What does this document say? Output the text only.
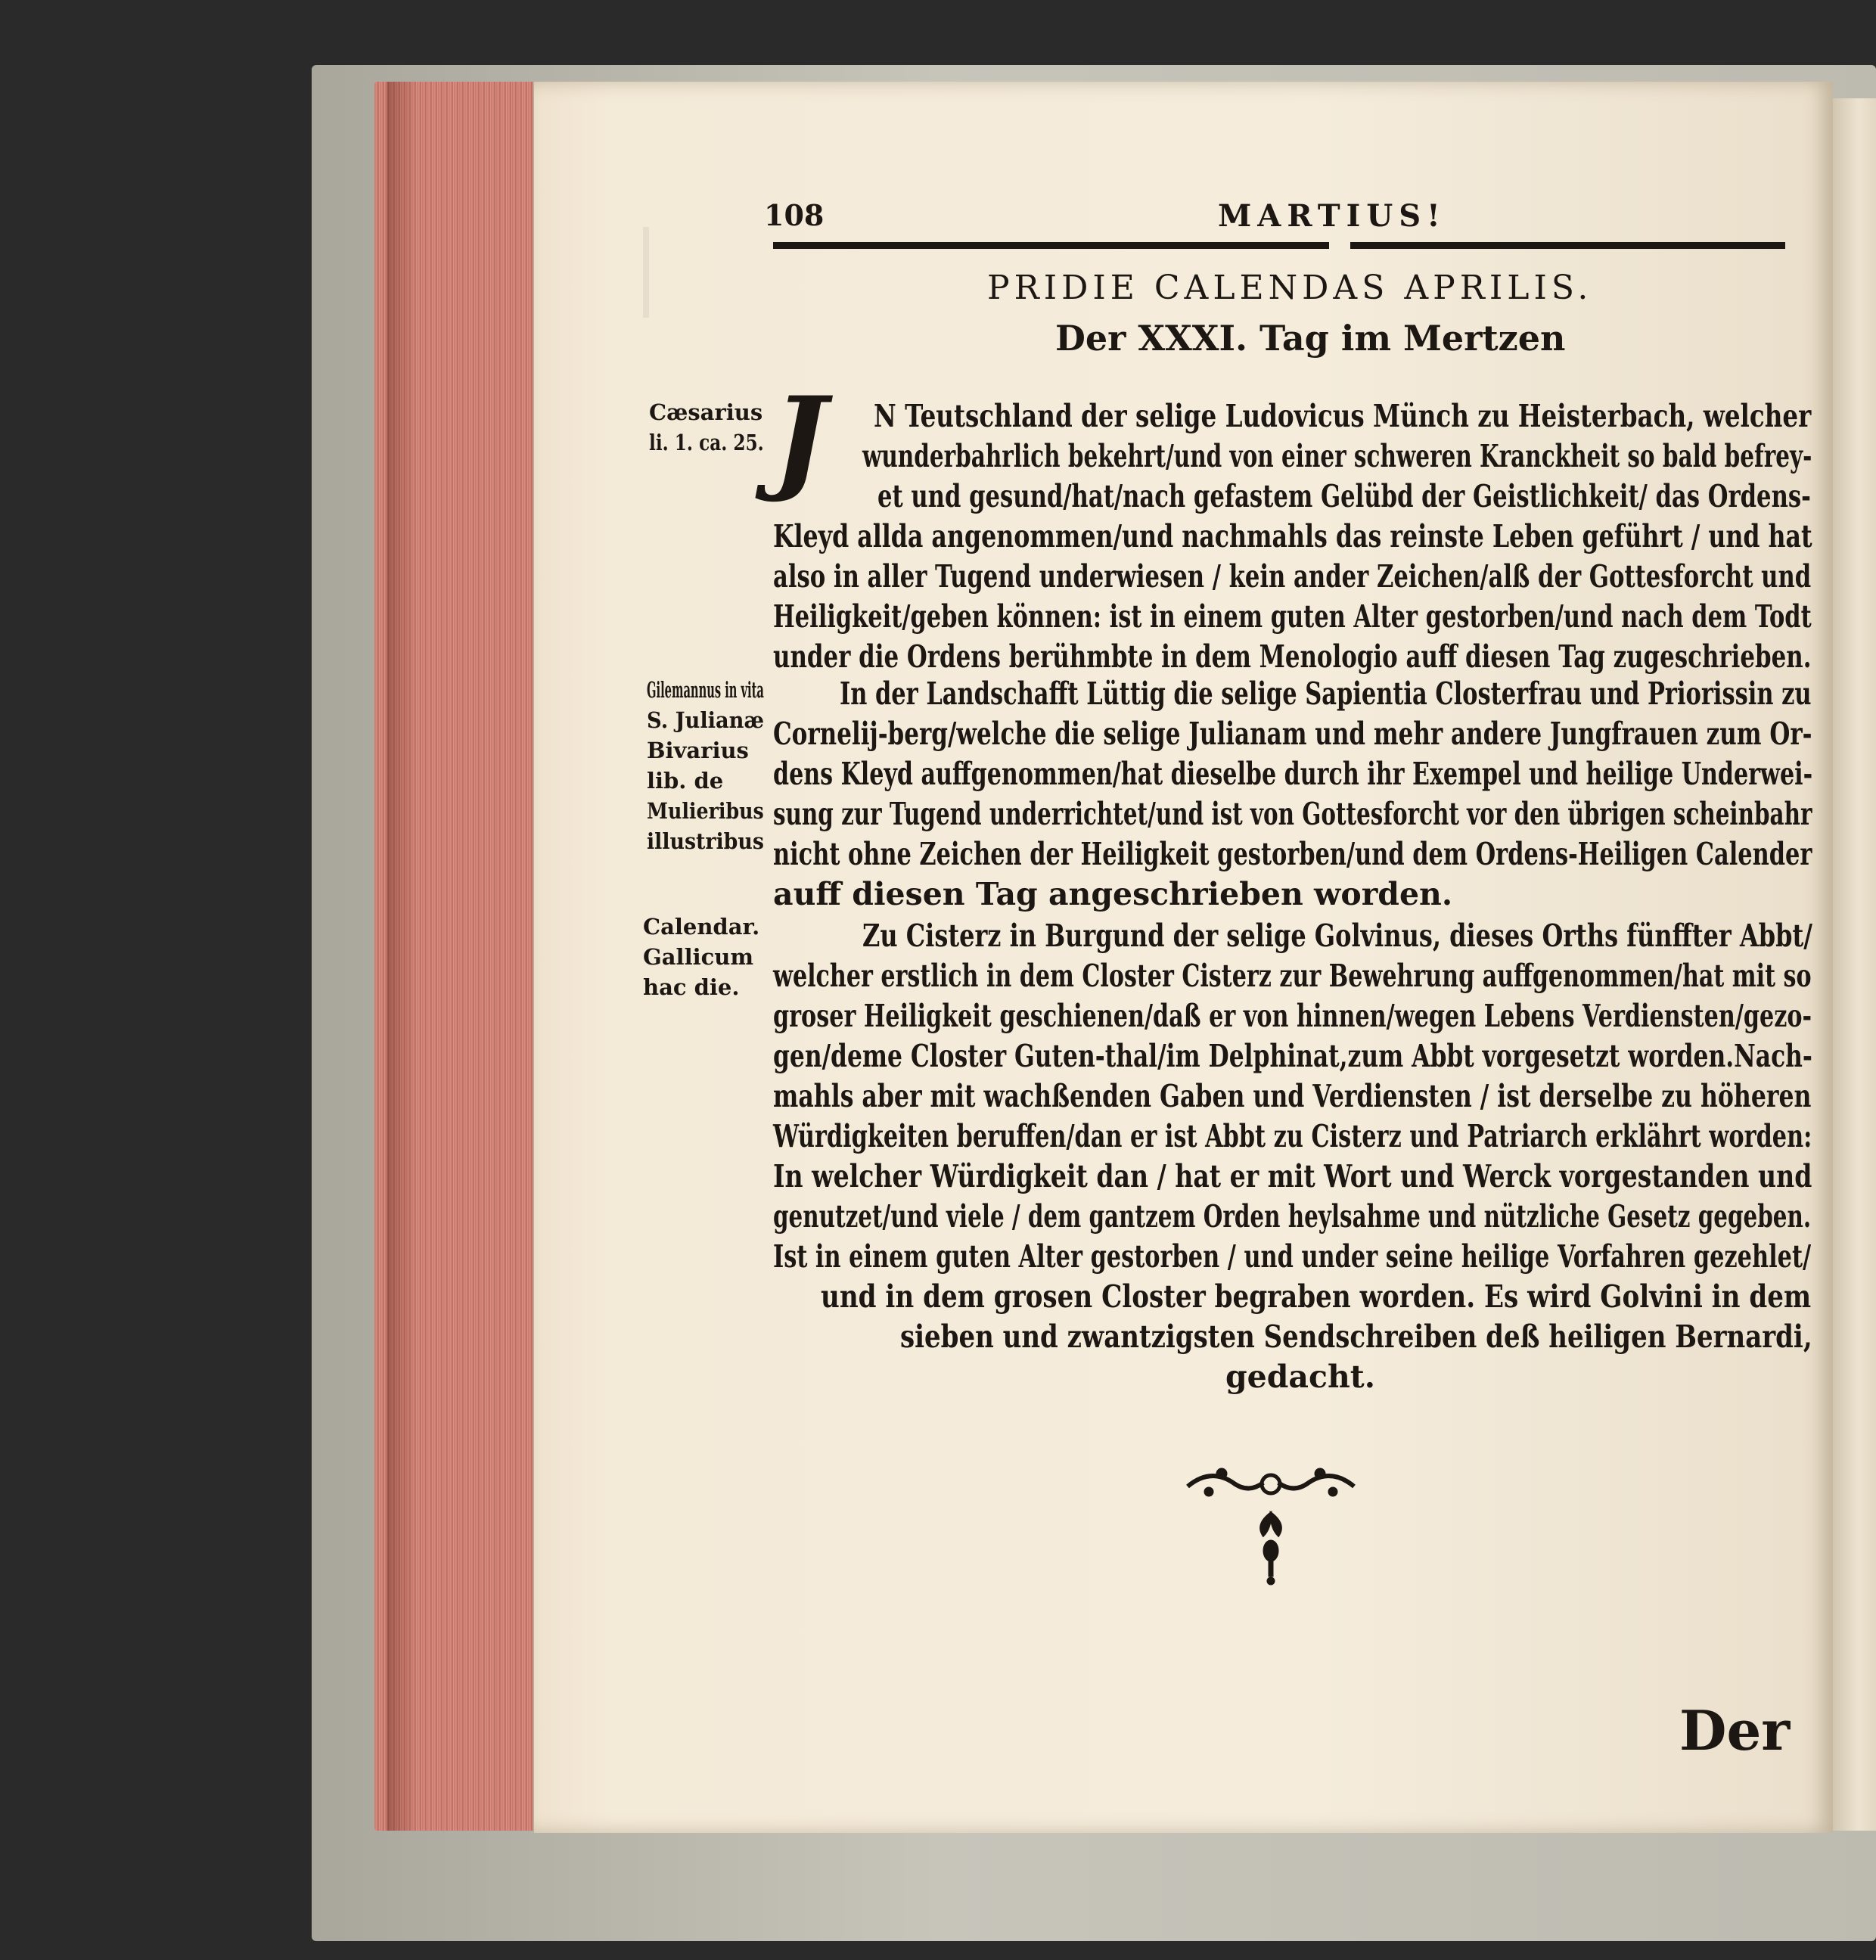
108	MARTIUS!
PRIDIE CALENDAS APRILIS.
Der XXXI. Tag im Mertzen
J	N Teutschland der selige Ludovicus Münch zu Heisterbach, welcher
wunderbahrlich bekehrt/und von einer schweren Kranckheit so bald befrey-
et und gesund/hat/nach gefastem Gelübd der Geistlichkeit/ das Ordens-
Kleyd allda angenommen/und nachmahls das reinste Leben geführt / und hat
also in aller Tugend underwiesen / kein ander Zeichen/alß der Gottesforcht und
Heiligkeit/geben können: ist in einem guten Alter gestorben/und nach dem Todt
under die Ordens berühmbte in dem Menologio auff diesen Tag zugeschrieben.
In der Landschafft Lüttig die selige Sapientia Closterfrau und Priorissin zu
Cornelij-berg/welche die selige Julianam und mehr andere Jungfrauen zum Or-
dens Kleyd auffgenommen/hat dieselbe durch ihr Exempel und heilige Underwei-
sung zur Tugend underrichtet/und ist von Gottesforcht vor den übrigen scheinbahr
nicht ohne Zeichen der Heiligkeit gestorben/und dem Ordens-Heiligen Calender
auff diesen Tag angeschrieben worden.
Zu Cisterz in Burgund der selige Golvinus, dieses Orths fünffter Abbt/
welcher erstlich in dem Closter Cisterz zur Bewehrung auffgenommen/hat mit so
groser Heiligkeit geschienen/daß er von hinnen/wegen Lebens Verdiensten/gezo-
gen/deme Closter Guten-thal/im Delphinat,zum Abbt vorgesetzt worden.Nach-
mahls aber mit wachßenden Gaben und Verdiensten / ist derselbe zu höheren
Würdigkeiten beruffen/dan er ist Abbt zu Cisterz und Patriarch erklährt worden:
In welcher Würdigkeit dan / hat er mit Wort und Werck vorgestanden und
genutzet/und viele / dem gantzem Orden heylsahme und nützliche Gesetz gegeben.
Ist in einem guten Alter gestorben / und under seine heilige Vorfahren gezehlet/
und in dem grosen Closter begraben worden. Es wird Golvini in dem
sieben und zwantzigsten Sendschreiben deß heiligen Bernardi,
gedacht.
Cæsarius
li. 1. ca. 25.
Gilemannus in vita
S. Julianæ
Bivarius
lib. de
Mulieribus
illustribus
Calendar.
Gallicum
hac die.
Der
